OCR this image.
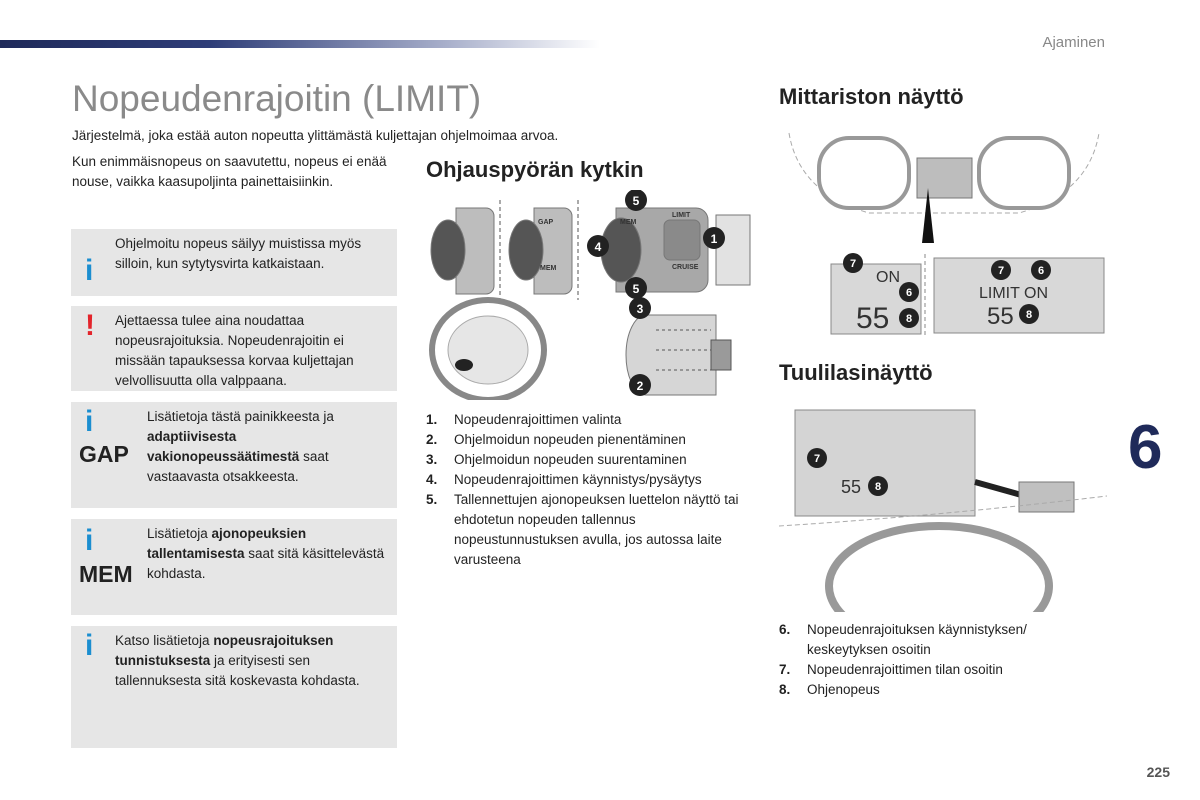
Ajaminen
Nopeudenrajoitin (LIMIT)
Järjestelmä, joka estää auton nopeutta ylittämästä kuljettajan ohjelmoimaa arvoa.
Kun enimmäisnopeus on saavutettu, nopeus ei enää nouse, vaikka kaasupoljinta painettaisiinkin.
i
Ohjelmoitu nopeus säilyy muistissa myös silloin, kun sytytysvirta katkaistaan.
! Ajettaessa tulee aina noudattaa nopeusrajoituksia. Nopeudenrajoitin ei missään tapauksessa korvaa kuljettajan velvollisuutta olla valppaana.
i
GAP
Lisätietoja tästä painikkeesta ja adaptiivisesta vakionopeussäätimestä saat vastaavasta otsakkeesta.
i
MEM
Lisätietoja ajonopeuksien tallentamisesta saat sitä käsittelevästä kohdasta.
i Katso lisätietoja nopeusrajoituksen tunnistuksesta ja erityisesti sen tallennuksesta sitä koskevasta kohdasta.
Ohjauspyörän kytkin
GAP
MEM
MEM
LIMIT
CRUISE
1
2
3
4
5
5
1.	Nopeudenrajoittimen valinta
2.	Ohjelmoidun nopeuden pienentäminen
3.	Ohjelmoidun nopeuden suurentaminen
4.	Nopeudenrajoittimen käynnistys/pysäytys
5.	Tallennettujen ajonopeuksen luettelon näyttö tai ehdotetun nopeuden tallennus nopeustunnustuksen avulla, jos autossa laite varusteena
Mittariston näyttö
ON
55
LIMIT ON
55
7
6
8
7	6
8
Tuulilasinäyttö
55
7
8
6.	Nopeudenrajoituksen käynnistyksen/ keskeytyksen osoitin
7.	Nopeudenrajoittimen tilan osoitin
8.	Ohjenopeus
6
225
